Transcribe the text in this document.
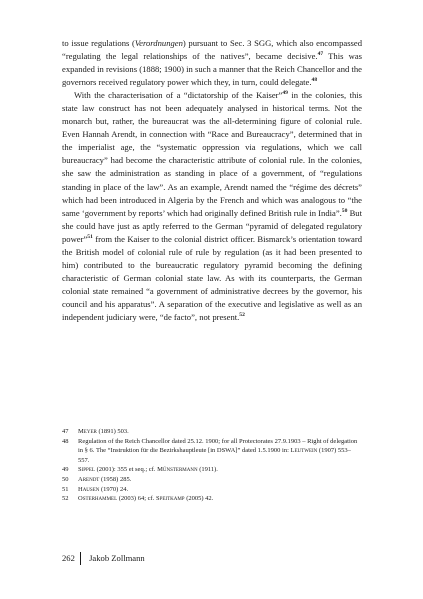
to issue regulations (Verordnungen) pursuant to Sec. 3 SGG, which also encompassed “regulating the legal relationships of the natives”, became decisive.$^{47}$ This was expanded in revisions (1888; 1900) in such a manner that the Reich Chancellor and the governors received regulatory power which they, in turn, could delegate.$^{48}$

With the characterisation of a “dictatorship of the Kaiser”$^{49}$ in the colonies, this state law construct has not been adequately analysed in historical terms. Not the monarch but, rather, the bureaucrat was the all-determining figure of colonial rule. Even Hannah Arendt, in connection with “Race and Bureaucracy”, determined that in the imperialist age, the “systematic oppression via regulations, which we call bureaucracy” had become the characteristic attribute of colonial rule. In the colonies, she saw the administration as standing in place of a government, of “regulations standing in place of the law”. As an example, Arendt named the “régime des décrets” which had been introduced in Algeria by the French and which was analogous to “the same ‘government by reports’ which had originally defined British rule in India”.$^{50}$ But she could have just as aptly referred to the German “pyramid of delegated regulatory power”$^{51}$ from the Kaiser to the colonial district officer. Bismarck’s orientation toward the British model of colonial rule of rule by regulation (as it had been presented to him) contributed to the bureaucratic regulatory pyramid becoming the defining characteristic of German colonial state law. As with its counterparts, the German colonial state remained “a government of administrative decrees by the governor, his council and his apparatus”. A separation of the executive and legislative as well as an independent judiciary were, “de facto”, not present.$^{52}$

47	Meyer (1891) 503.
48	Regulation of the Reich Chancellor dated 25.12. 1900; for all Protectorates 27.9.1903 – Right of delegation in § 6. The “Instruktion für die Bezirkshauptleute [in DSWA]” dated 1.5.1900 in: Leutwein (1907) 553–557.
49	Sippel (2001): 355 et seq.; cf. Münstermann (1911).
50	Arendt (1958) 285.
51	Hausen (1970) 24.
52	Osterhammel (2003) 64; cf. Speitkamp (2005) 42.
262	Jakob Zollmann
